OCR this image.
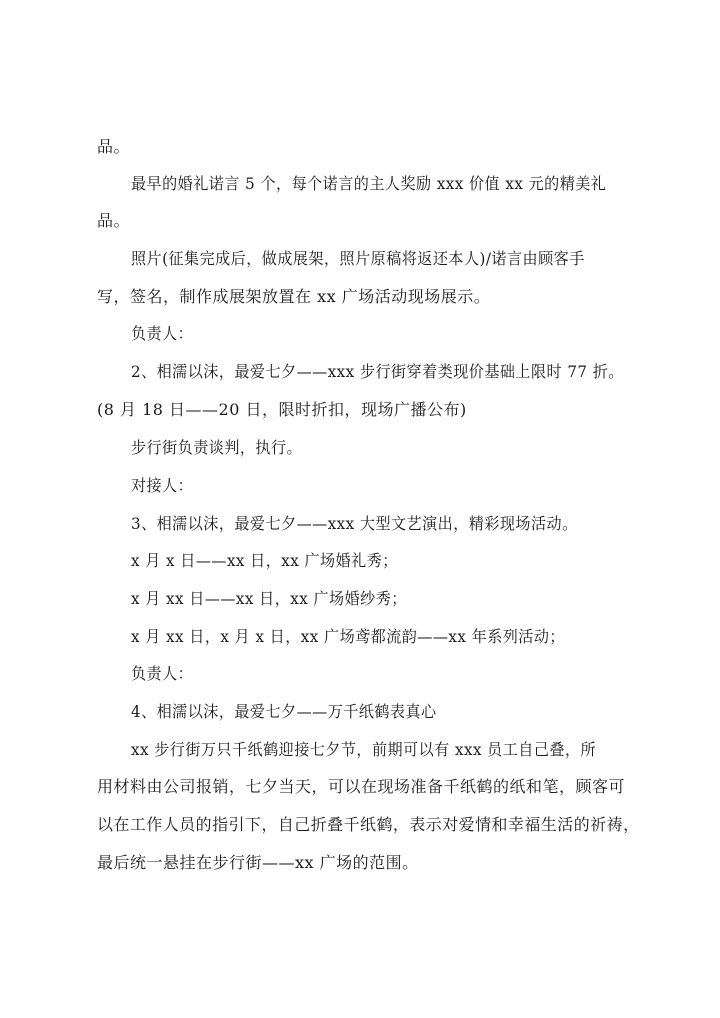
品。
最早的婚礼诺言 5 个，每个诺言的主人奖励 xxx 价值 xx 元的精美礼
品。
照片(征集完成后，做成展架，照片原稿将返还本人)/诺言由顾客手
写，签名，制作成展架放置在 xx 广场活动现场展示。
负责人：
2、相濡以沫，最爱七夕——xxx 步行街穿着类现价基础上限时 77 折。
(8 月 18 日——20 日，限时折扣，现场广播公布)
步行街负责谈判，执行。
对接人：
3、相濡以沫，最爱七夕——xxx 大型文艺演出，精彩现场活动。
x 月 x 日——xx 日，xx 广场婚礼秀；
x 月 xx 日——xx 日，xx 广场婚纱秀；
x 月 xx 日，x 月 x 日，xx 广场鸢都流韵——xx 年系列活动；
负责人：
4、相濡以沫，最爱七夕——万千纸鹤表真心
xx 步行街万只千纸鹤迎接七夕节，前期可以有 xxx 员工自己叠，所
用材料由公司报销，七夕当天，可以在现场准备千纸鹤的纸和笔，顾客可
以在工作人员的指引下，自己折叠千纸鹤，表示对爱情和幸福生活的祈祷，
最后统一悬挂在步行街——xx 广场的范围。
